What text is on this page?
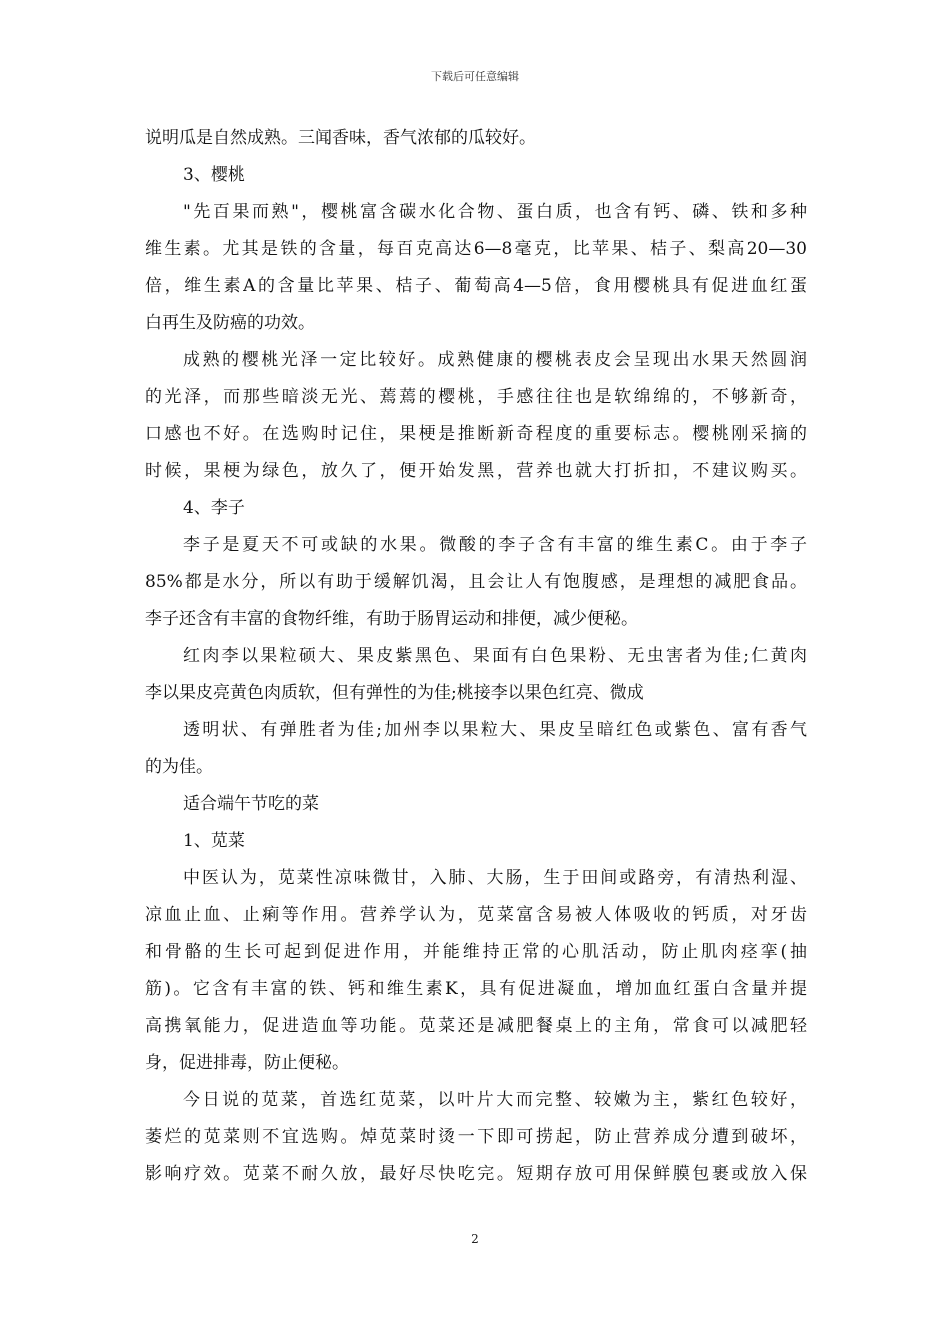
下载后可任意编辑
说明瓜是自然成熟。三闻香味，香气浓郁的瓜较好。
3、樱桃
"先百果而熟"，樱桃富含碳水化合物、蛋白质，也含有钙、磷、铁和多种
维生素。尤其是铁的含量，每百克高达6—8毫克，比苹果、桔子、梨高20—30
倍，维生素A的含量比苹果、桔子、葡萄高4—5倍，食用樱桃具有促进血红蛋
白再生及防癌的功效。
成熟的樱桃光泽一定比较好。成熟健康的樱桃表皮会呈现出水果天然圆润
的光泽，而那些暗淡无光、蔫蔫的樱桃，手感往往也是软绵绵的，不够新奇，
口感也不好。在选购时记住，果梗是推断新奇程度的重要标志。樱桃刚采摘的
时候，果梗为绿色，放久了，便开始发黑，营养也就大打折扣，不建议购买。
4、李子
李子是夏天不可或缺的水果。微酸的李子含有丰富的维生素C。由于李子
85%都是水分，所以有助于缓解饥渴，且会让人有饱腹感，是理想的减肥食品。
李子还含有丰富的食物纤维，有助于肠胃运动和排便，减少便秘。
红肉李以果粒硕大、果皮紫黑色、果面有白色果粉、无虫害者为佳;仁黄肉
李以果皮亮黄色肉质软，但有弹性的为佳;桃接李以果色红亮、微成
透明状、有弹胜者为佳;加州李以果粒大、果皮呈暗红色或紫色、富有香气
的为佳。
适合端午节吃的菜
1、苋菜
中医认为，苋菜性凉味微甘，入肺、大肠，生于田间或路旁，有清热利湿、
凉血止血、止痢等作用。营养学认为，苋菜富含易被人体吸收的钙质，对牙齿
和骨骼的生长可起到促进作用，并能维持正常的心肌活动，防止肌肉痉挛(抽
筋)。它含有丰富的铁、钙和维生素K，具有促进凝血，增加血红蛋白含量并提
高携氧能力，促进造血等功能。苋菜还是减肥餐桌上的主角，常食可以减肥轻
身，促进排毒，防止便秘。
今日说的苋菜，首选红苋菜，以叶片大而完整、较嫩为主，紫红色较好，
萎烂的苋菜则不宜选购。焯苋菜时烫一下即可捞起，防止营养成分遭到破坏，
影响疗效。苋菜不耐久放，最好尽快吃完。短期存放可用保鲜膜包裹或放入保
2
